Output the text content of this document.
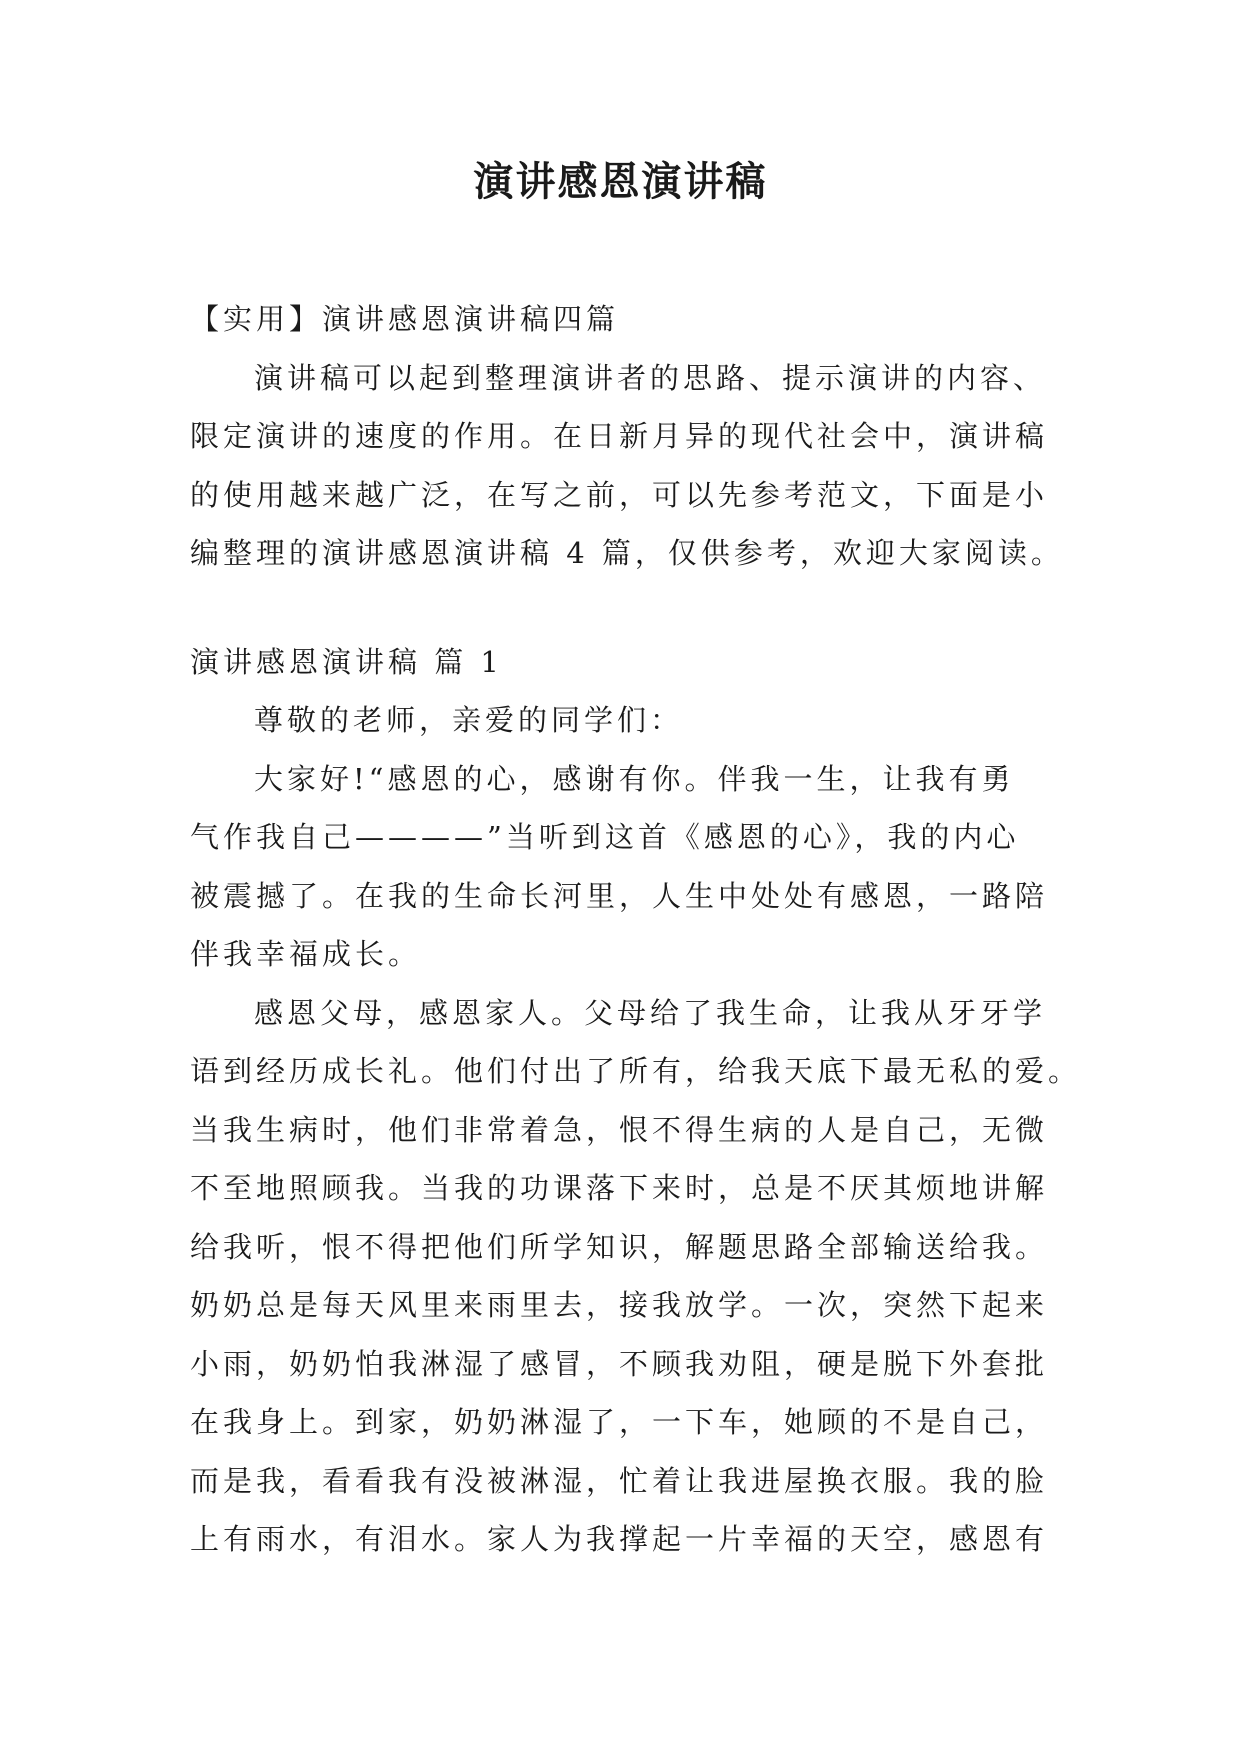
演讲感恩演讲稿
【实用】演讲感恩演讲稿四篇
演讲稿可以起到整理演讲者的思路、提示演讲的内容、
限定演讲的速度的作用。在日新月异的现代社会中，演讲稿
的使用越来越广泛，在写之前，可以先参考范文，下面是小
编整理的演讲感恩演讲稿 4 篇，仅供参考，欢迎大家阅读。
演讲感恩演讲稿 篇 1
尊敬的老师，亲爱的同学们：
大家好!“感恩的心，感谢有你。伴我一生，让我有勇
气作我自己————”当听到这首《感恩的心》，我的内心
被震撼了。在我的生命长河里，人生中处处有感恩，一路陪
伴我幸福成长。
感恩父母，感恩家人。父母给了我生命，让我从牙牙学
语到经历成长礼。他们付出了所有，给我天底下最无私的爱。
当我生病时，他们非常着急，恨不得生病的人是自己，无微
不至地照顾我。当我的功课落下来时，总是不厌其烦地讲解
给我听，恨不得把他们所学知识，解题思路全部输送给我。
奶奶总是每天风里来雨里去，接我放学。一次，突然下起来
小雨，奶奶怕我淋湿了感冒，不顾我劝阻，硬是脱下外套批
在我身上。到家，奶奶淋湿了，一下车，她顾的不是自己，
而是我，看看我有没被淋湿，忙着让我进屋换衣服。我的脸
上有雨水，有泪水。家人为我撑起一片幸福的天空，感恩有
